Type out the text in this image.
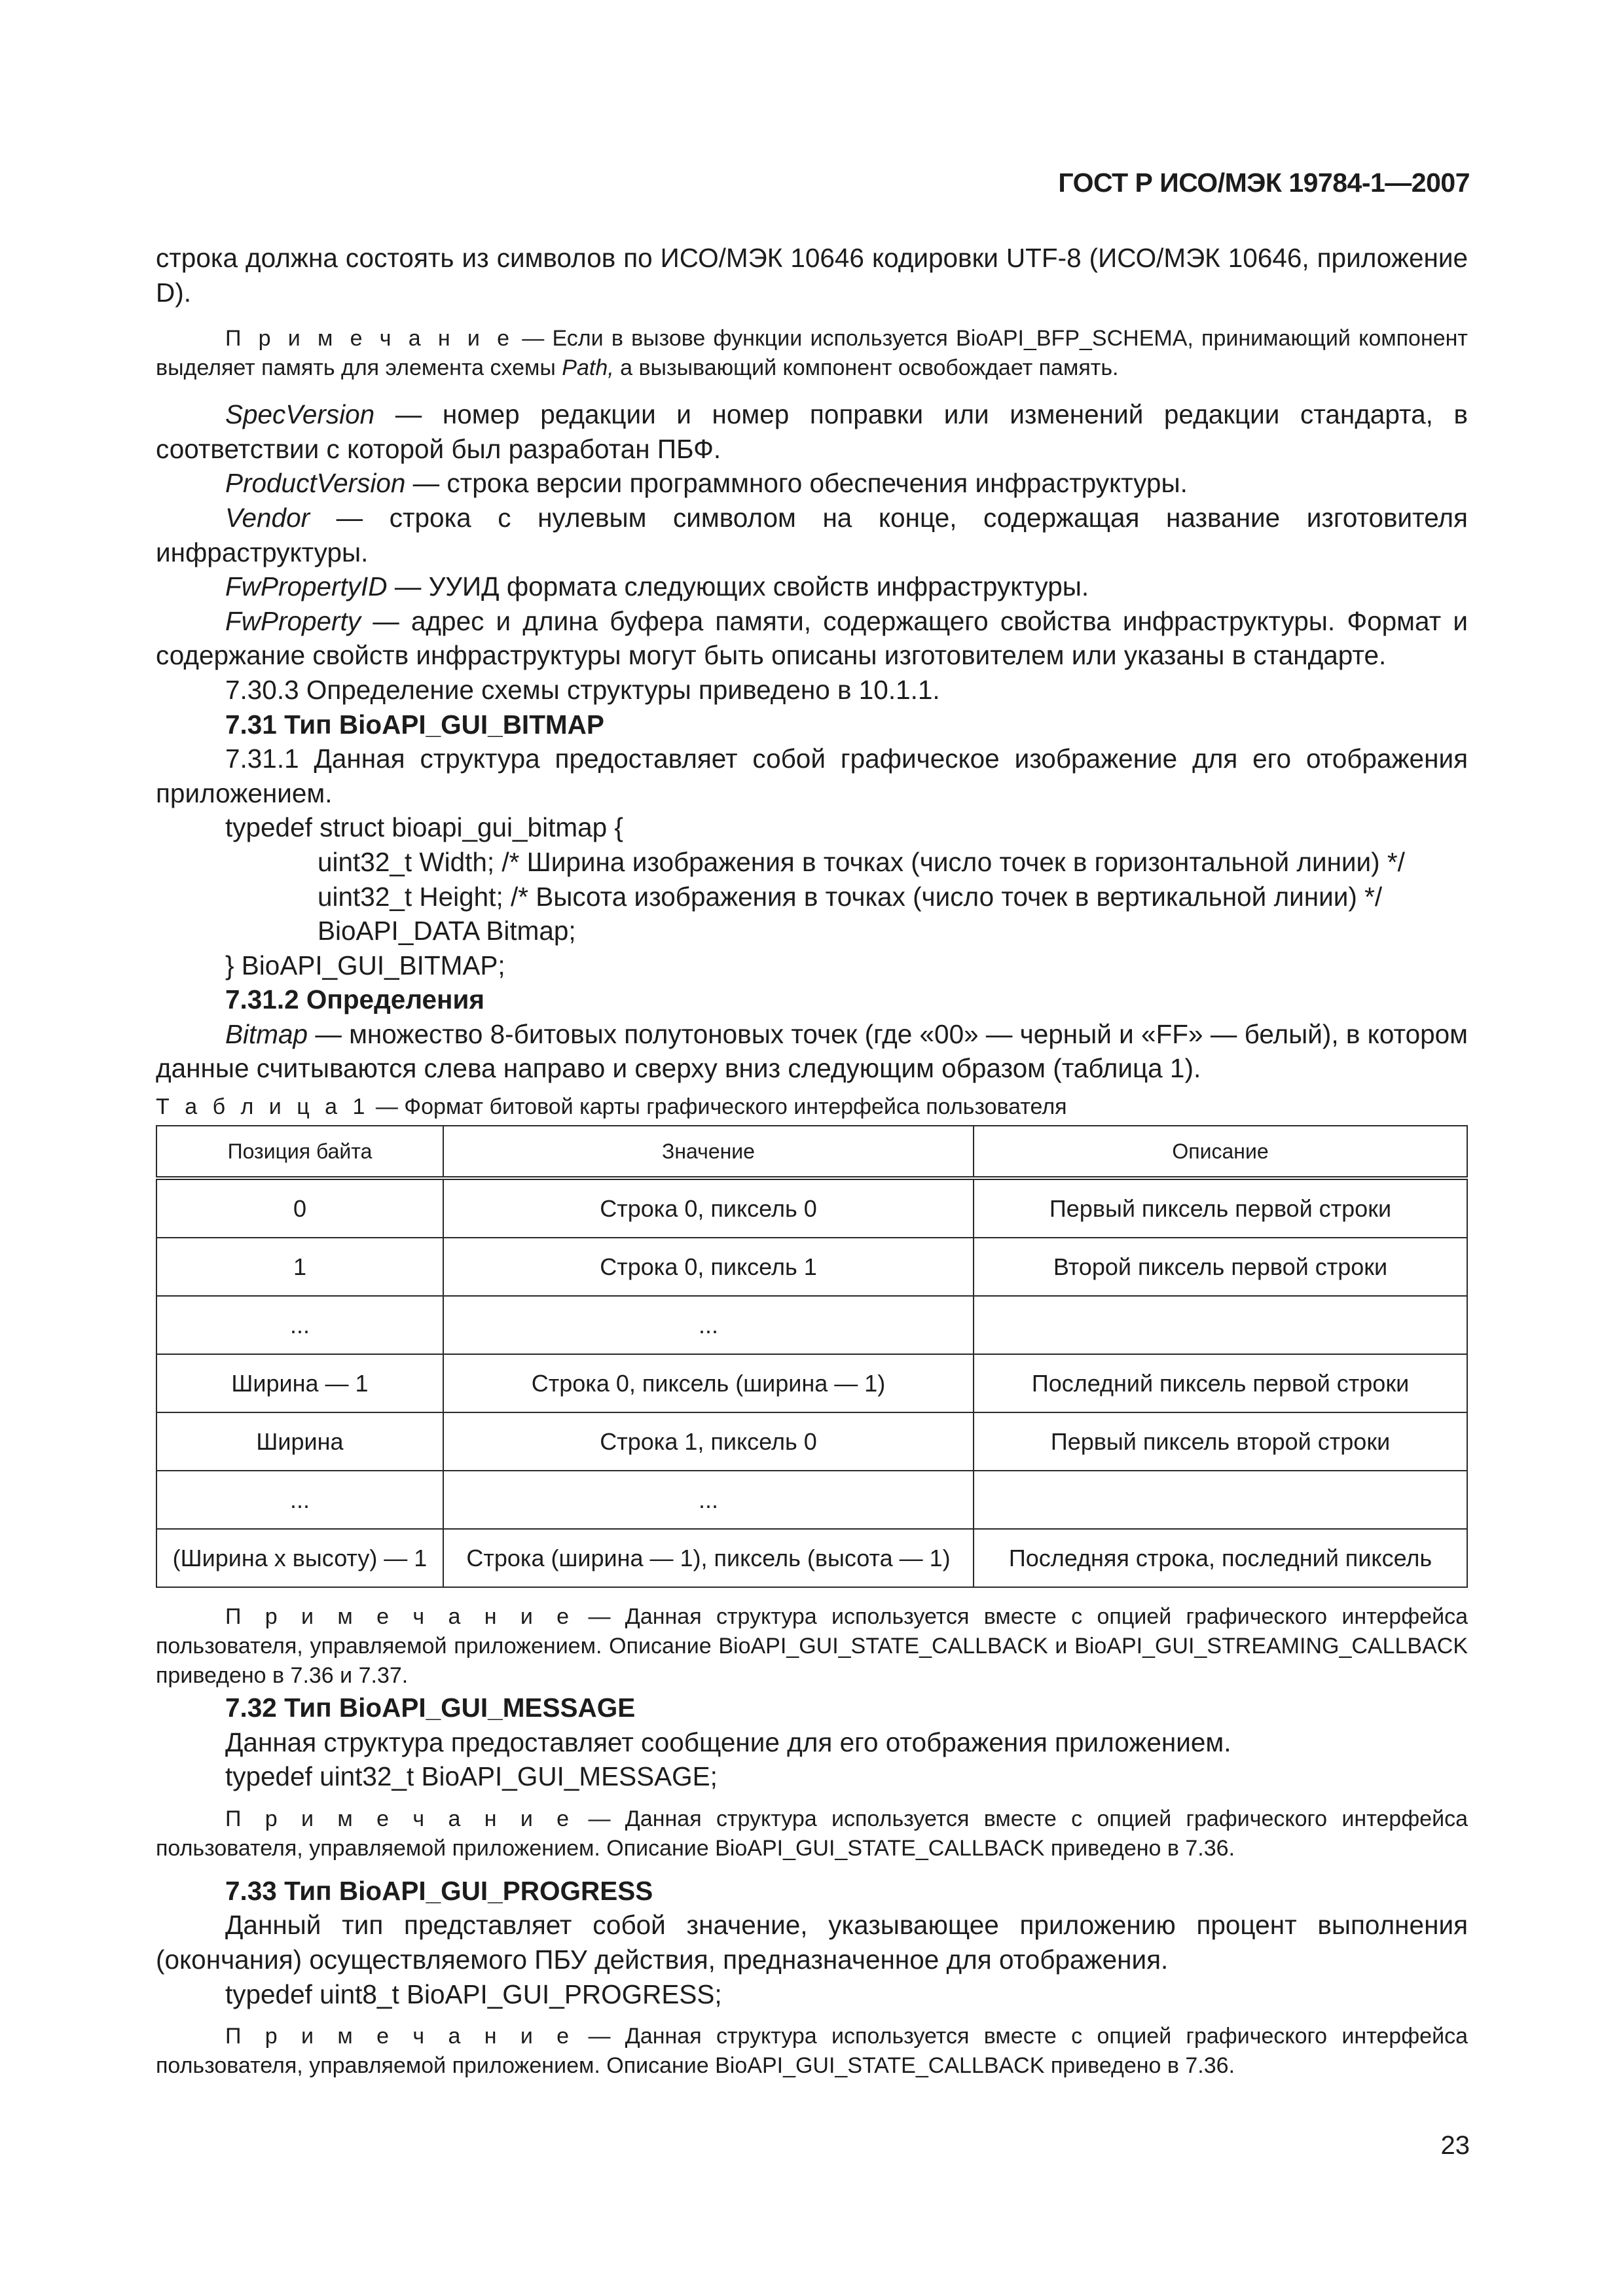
ГОСТ Р ИСО/МЭК 19784-1—2007

строка должна состоять из символов по ИСО/МЭК 10646 кодировки UTF-8 (ИСО/МЭК 10646, приложение D).

П р и м е ч а н и е — Если в вызове функции используется BioAPI_BFP_SCHEMA, принимающий компонент выделяет память для элемента схемы Path, а вызывающий компонент освобождает память.

SpecVersion — номер редакции и номер поправки или изменений редакции стандарта, в соответствии с которой был разработан ПБФ.

ProductVersion — строка версии программного обеспечения инфраструктуры.

Vendor — строка с нулевым символом на конце, содержащая название изготовителя инфраструктуры.

FwPropertyID — УУИД формата следующих свойств инфраструктуры.

FwProperty — адрес и длина буфера памяти, содержащего свойства инфраструктуры. Формат и содержание свойств инфраструктуры могут быть описаны изготовителем или указаны в стандарте.

7.30.3 Определение схемы структуры приведено в 10.1.1.

7.31 Тип BioAPI_GUI_BITMAP

7.31.1 Данная структура предоставляет собой графическое изображение для его отображения приложением.

typedef struct bioapi_gui_bitmap {

uint32_t Width; /* Ширина изображения в точках (число точек в горизонтальной линии) */

uint32_t Height; /* Высота изображения в точках (число точек в вертикальной линии) */

BioAPI_DATA Bitmap;

} BioAPI_GUI_BITMAP;

7.31.2 Определения

Bitmap — множество 8-битовых полутоновых точек (где «00» — черный и «FF» — белый), в котором данные считываются слева направо и сверху вниз следующим образом (таблица 1).

Т а б л и ц а 1 — Формат битовой карты графического интерфейса пользователя

Позиция байта	Значение	Описание
0	Строка 0, пиксель 0	Первый пиксель первой строки
1	Строка 0, пиксель 1	Второй пиксель первой строки
...	...	
Ширина — 1	Строка 0, пиксель (ширина — 1)	Последний пиксель первой строки
Ширина	Строка 1, пиксель 0	Первый пиксель второй строки
...	...	
(Ширина x высоту) — 1	Строка (ширина — 1), пиксель (высота — 1)	Последняя строка, последний пиксель

П р и м е ч а н и е — Данная структура используется вместе с опцией графического интерфейса пользователя, управляемой приложением. Описание BioAPI_GUI_STATE_CALLBACK и BioAPI_GUI_STREAMING_CALLBACK приведено в 7.36 и 7.37.

7.32 Тип BioAPI_GUI_MESSAGE

Данная структура предоставляет сообщение для его отображения приложением.

typedef uint32_t BioAPI_GUI_MESSAGE;

П р и м е ч а н и е — Данная структура используется вместе с опцией графического интерфейса пользователя, управляемой приложением. Описание BioAPI_GUI_STATE_CALLBACK приведено в 7.36.

7.33 Тип BioAPI_GUI_PROGRESS

Данный тип представляет собой значение, указывающее приложению процент выполнения (окончания) осуществляемого ПБУ действия, предназначенное для отображения.

typedef uint8_t BioAPI_GUI_PROGRESS;

П р и м е ч а н и е — Данная структура используется вместе с опцией графического интерфейса пользователя, управляемой приложением. Описание BioAPI_GUI_STATE_CALLBACK приведено в 7.36.

23
